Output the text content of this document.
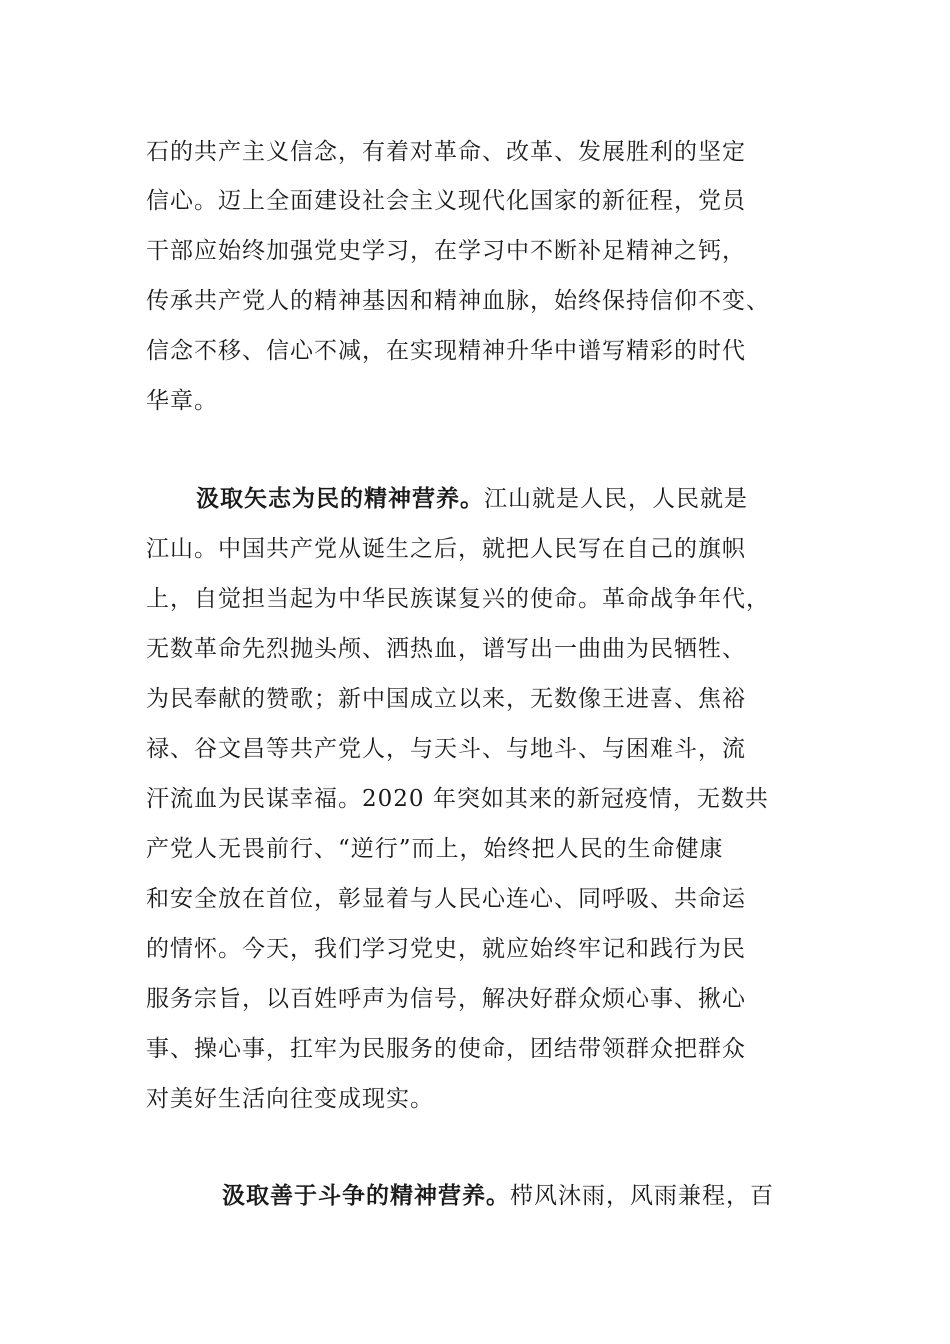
石的共产主义信念，有着对革命、改革、发展胜利的坚定
信心。迈上全面建设社会主义现代化国家的新征程，党员
干部应始终加强党史学习，在学习中不断补足精神之钙，
传承共产党人的精神基因和精神血脉，始终保持信仰不变、
信念不移、信心不减，在实现精神升华中谱写精彩的时代
华章。
汲取矢志为民的精神营养。江山就是人民，人民就是
江山。中国共产党从诞生之后，就把人民写在自己的旗帜
上，自觉担当起为中华民族谋复兴的使命。革命战争年代，
无数革命先烈抛头颅、洒热血，谱写出一曲曲为民牺牲、
为民奉献的赞歌；新中国成立以来，无数像王进喜、焦裕
禄、谷文昌等共产党人，与天斗、与地斗、与困难斗，流
汗流血为民谋幸福。2020 年突如其来的新冠疫情，无数共
产党人无畏前行、“逆行”而上，始终把人民的生命健康
和安全放在首位，彰显着与人民心连心、同呼吸、共命运
的情怀。今天，我们学习党史，就应始终牢记和践行为民
服务宗旨，以百姓呼声为信号，解决好群众烦心事、揪心
事、操心事，扛牢为民服务的使命，团结带领群众把群众
对美好生活向往变成现实。
汲取善于斗争的精神营养。栉风沐雨，风雨兼程，百
